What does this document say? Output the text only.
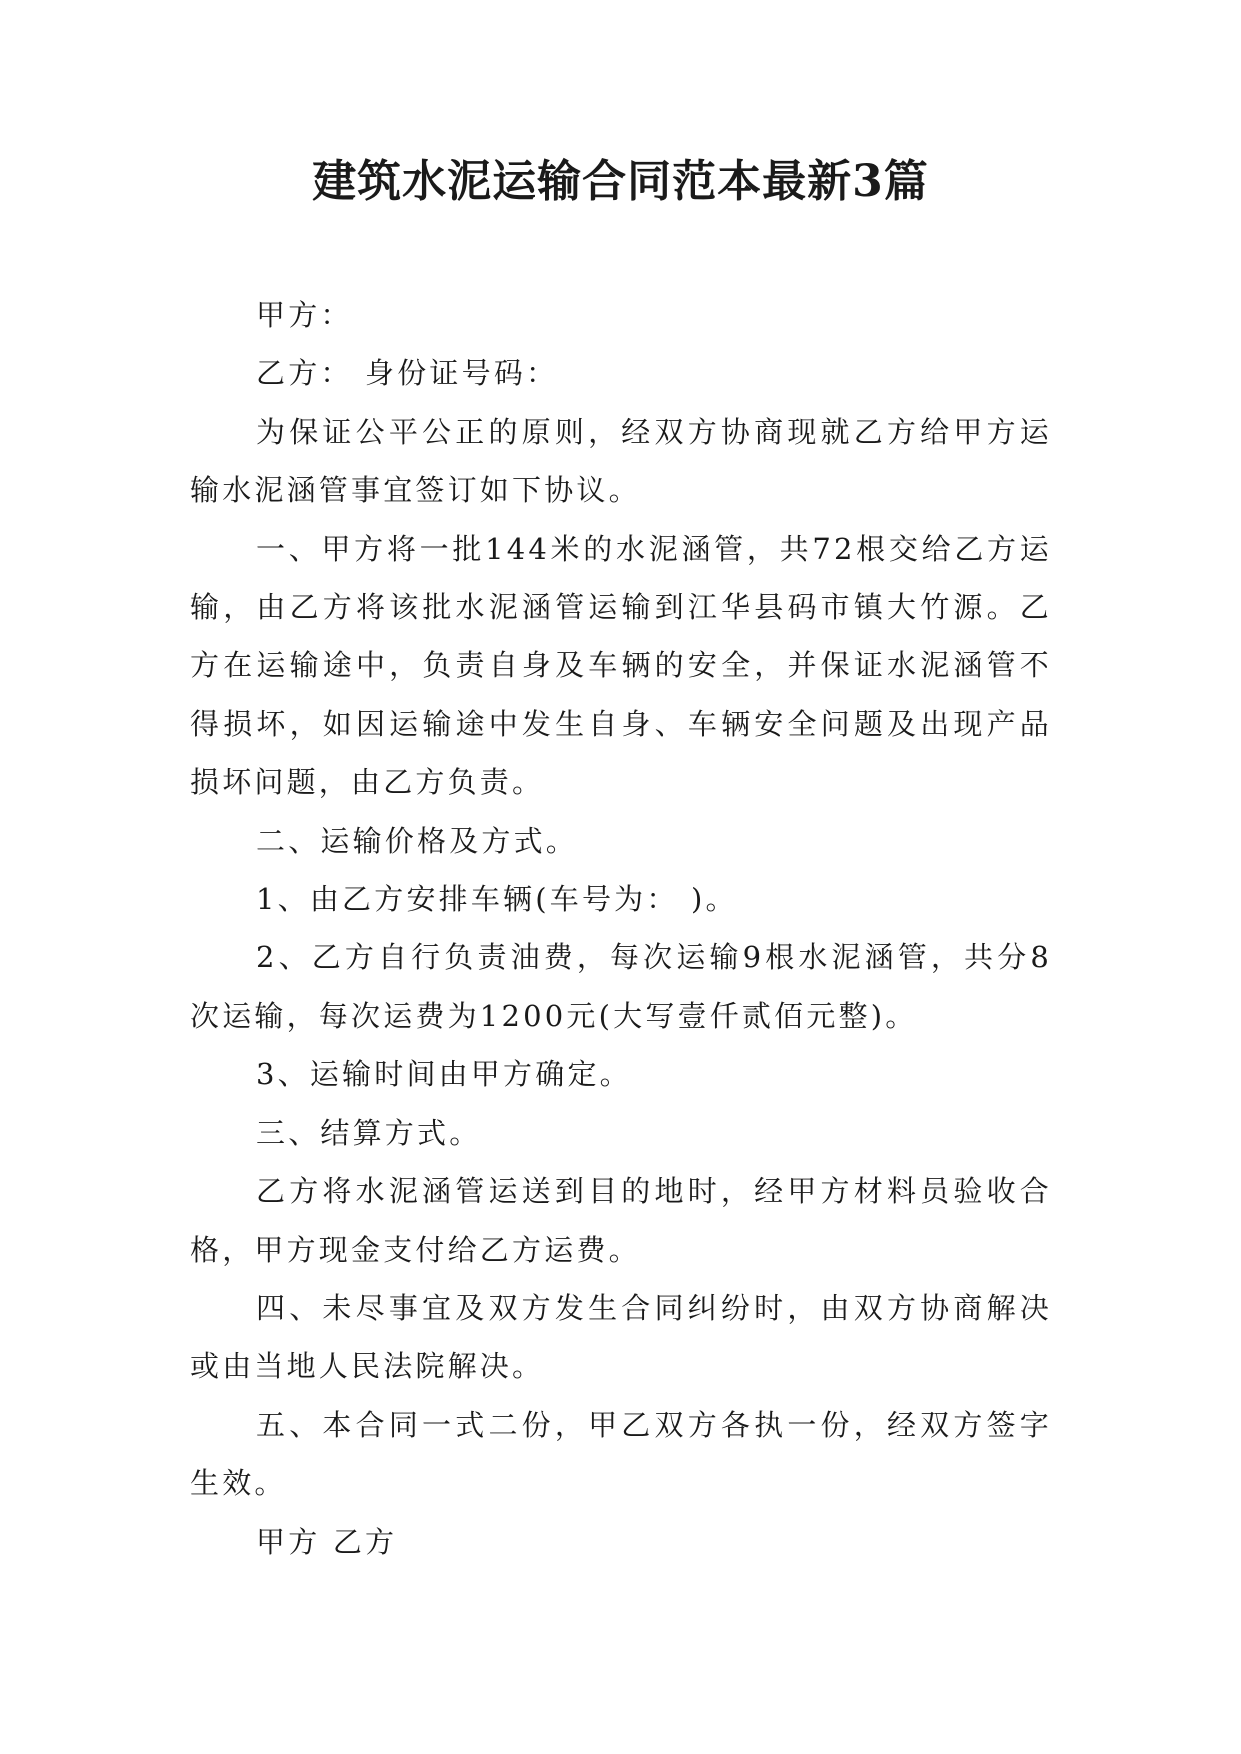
建筑水泥运输合同范本最新3篇

甲方：

乙方： 身份证号码：

为保证公平公正的原则，经双方协商现就乙方给甲方运输水泥涵管事宜签订如下协议。

一、甲方将一批144米的水泥涵管，共72根交给乙方运输，由乙方将该批水泥涵管运输到江华县码市镇大竹源。乙方在运输途中，负责自身及车辆的安全，并保证水泥涵管不得损坏，如因运输途中发生自身、车辆安全问题及出现产品损坏问题，由乙方负责。

二、运输价格及方式。

1、由乙方安排车辆(车号为： )。

2、乙方自行负责油费，每次运输9根水泥涵管，共分8次运输，每次运费为1200元(大写壹仟贰佰元整)。

3、运输时间由甲方确定。

三、结算方式。

乙方将水泥涵管运送到目的地时，经甲方材料员验收合格，甲方现金支付给乙方运费。

四、未尽事宜及双方发生合同纠纷时，由双方协商解决或由当地人民法院解决。

五、本合同一式二份，甲乙双方各执一份，经双方签字生效。

甲方 乙方
